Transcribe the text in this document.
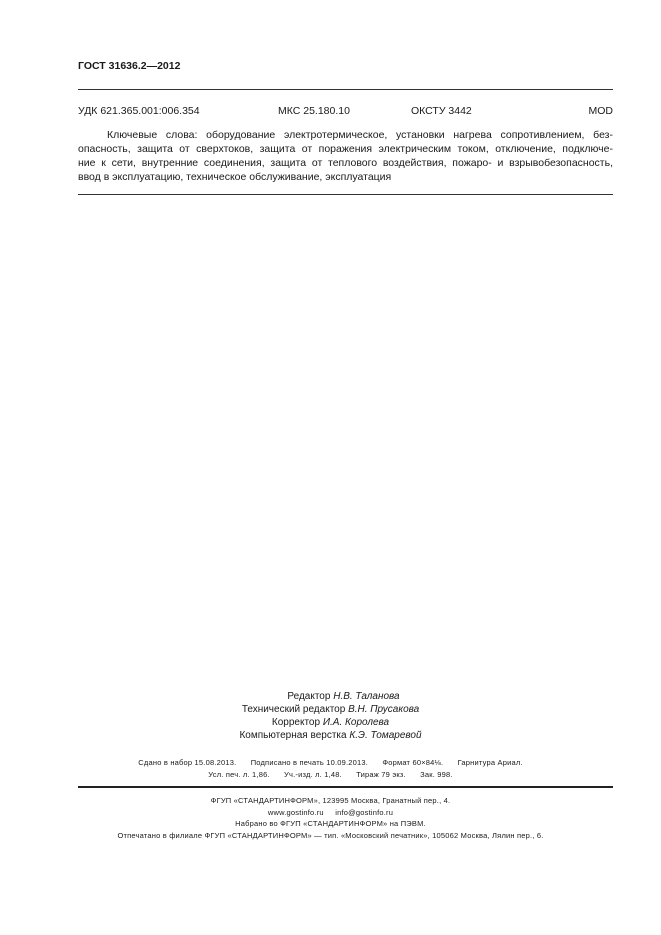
ГОСТ 31636.2—2012
УДК 621.365.001:006.354	МКС 25.180.10	ОКСТУ 3442	MOD
Ключевые слова: оборудование электротермическое, установки нагрева сопротивлением, без-
опасность, защита от сверхтоков, защита от поражения электрическим током, отключение, подключе-
ние к сети, внутренние соединения, защита от теплового воздействия, пожаро- и взрывобезопасность,
ввод в эксплуатацию, техническое обслуживание, эксплуатация
Редактор Н.В. Таланова
Технический редактор В.Н. Прусакова
Корректор И.А. Королева
Компьютерная верстка К.Э. Томаревой
Сдано в набор 15.08.2013. Подписано в печать 10.09.2013. Формат 60×84⅛. Гарнитура Ариал.
Усл. печ. л. 1,86. Уч.-изд. л. 1,48. Тираж 79 экз. Зак. 998.
ФГУП «СТАНДАРТИНФОРМ», 123995 Москва, Гранатный пер., 4.
www.gostinfo.ru     info@gostinfo.ru
Набрано во ФГУП «СТАНДАРТИНФОРМ» на ПЭВМ.
Отпечатано в филиале ФГУП «СТАНДАРТИНФОРМ» — тип. «Московский печатник», 105062 Москва, Лялин пер., 6.
